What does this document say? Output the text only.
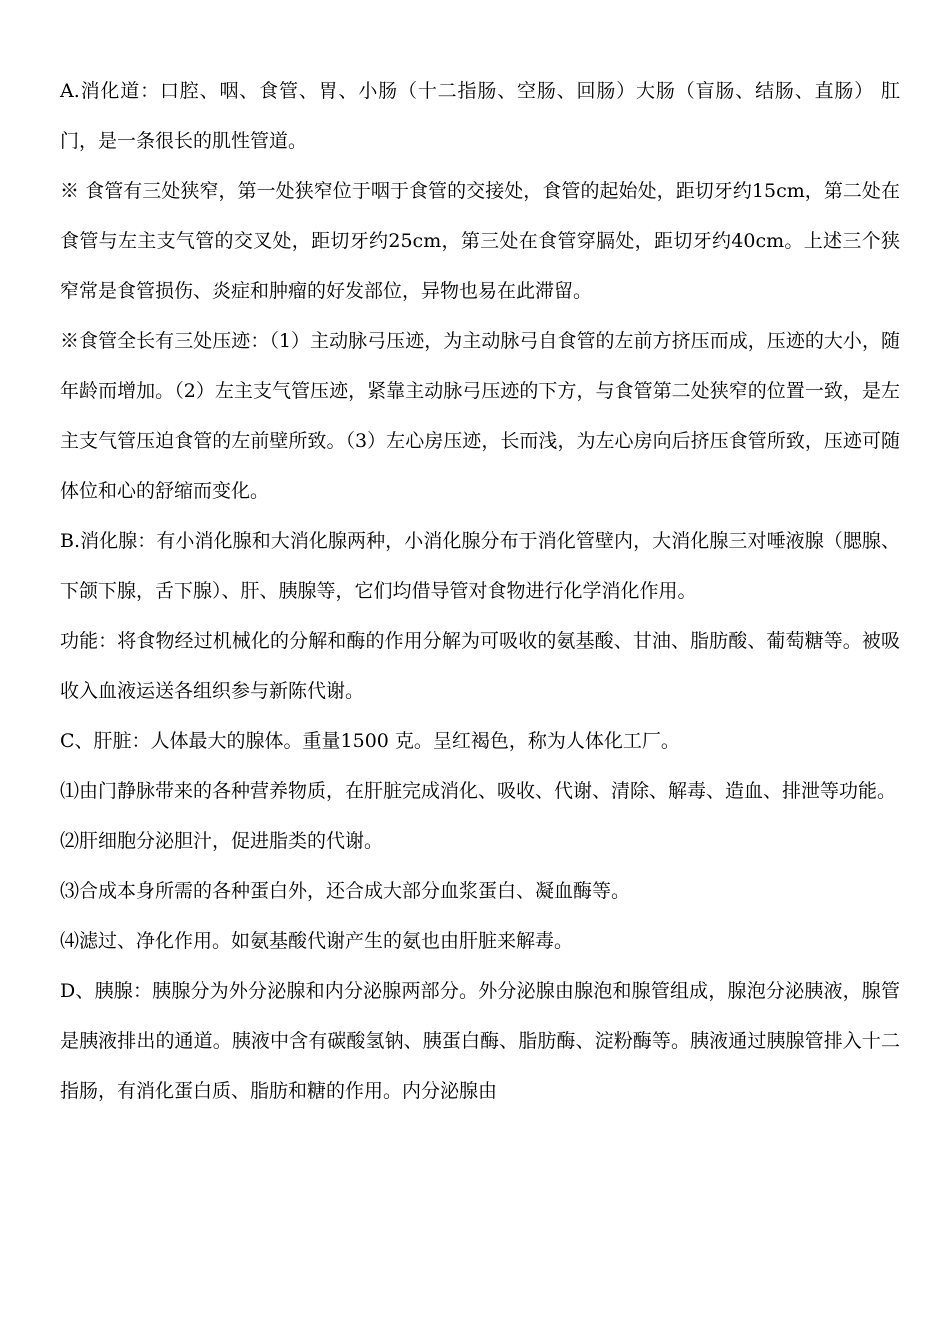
A.消化道：口腔、咽、食管、胃、小肠（十二指肠、空肠、回肠）大肠（盲肠、结肠、直肠） 肛门，是一条很长的肌性管道。

※ 食管有三处狭窄，第一处狭窄位于咽于食管的交接处，食管的起始处，距切牙约15cm，第二处在食管与左主支气管的交叉处，距切牙约25cm，第三处在食管穿膈处，距切牙约40cm。上述三个狭窄常是食管损伤、炎症和肿瘤的好发部位，异物也易在此滞留。

※食管全长有三处压迹：（1）主动脉弓压迹，为主动脉弓自食管的左前方挤压而成，压迹的大小，随年龄而增加。（2）左主支气管压迹，紧靠主动脉弓压迹的下方，与食管第二处狭窄的位置一致，是左主支气管压迫食管的左前壁所致。（3）左心房压迹，长而浅，为左心房向后挤压食管所致，压迹可随体位和心的舒缩而变化。

B.消化腺：有小消化腺和大消化腺两种，小消化腺分布于消化管壁内，大消化腺三对唾液腺（腮腺、下颌下腺，舌下腺）、肝、胰腺等，它们均借导管对食物进行化学消化作用。

功能：将食物经过机械化的分解和酶的作用分解为可吸收的氨基酸、甘油、脂肪酸、葡萄糖等。被吸收入血液运送各组织参与新陈代谢。

C、肝脏：人体最大的腺体。重量1500 克。呈红褐色，称为人体化工厂。

⑴由门静脉带来的各种营养物质，在肝脏完成消化、吸收、代谢、清除、解毒、造血、排泄等功能。

⑵肝细胞分泌胆汁，促进脂类的代谢。

⑶合成本身所需的各种蛋白外，还合成大部分血浆蛋白、凝血酶等。

⑷滤过、净化作用。如氨基酸代谢产生的氨也由肝脏来解毒。

D、胰腺：胰腺分为外分泌腺和内分泌腺两部分。外分泌腺由腺泡和腺管组成，腺泡分泌胰液，腺管是胰液排出的通道。胰液中含有碳酸氢钠、胰蛋白酶、脂肪酶、淀粉酶等。胰液通过胰腺管排入十二指肠，有消化蛋白质、脂肪和糖的作用。内分泌腺由
